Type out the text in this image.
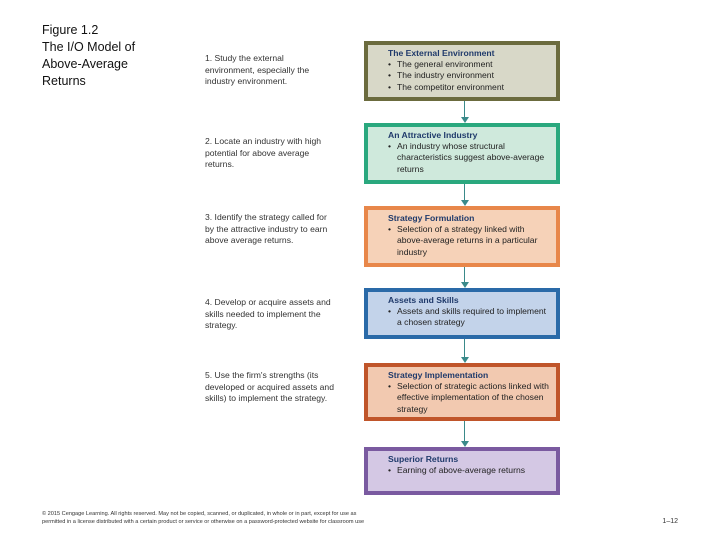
Figure 1.2
The I/O Model of
Above-Average
Returns
1. Study the external environment, especially the industry environment.
2. Locate an industry with high potential for above average returns.
3. Identify the strategy called for by the attractive industry to earn above average returns.
4. Develop or acquire assets and skills needed to implement the strategy.
5. Use the firm's strengths (its developed or acquired assets and skills) to implement the strategy.
The External Environment
• The general environment
• The industry environment
• The competitor environment
An Attractive Industry
• An industry whose structural characteristics suggest above-average returns
Strategy Formulation
• Selection of a strategy linked with above-average returns in a particular industry
Assets and Skills
• Assets and skills required to implement a chosen strategy
Strategy Implementation
• Selection of strategic actions linked with effective implementation of the chosen strategy
Superior Returns
• Earning of above-average returns
© 2015 Cengage Learning. All rights reserved. May not be copied, scanned, or duplicated, in whole or in part, except for use as
permitted in a license distributed with a certain product or service or otherwise on a password-protected website for classroom use	1–12
